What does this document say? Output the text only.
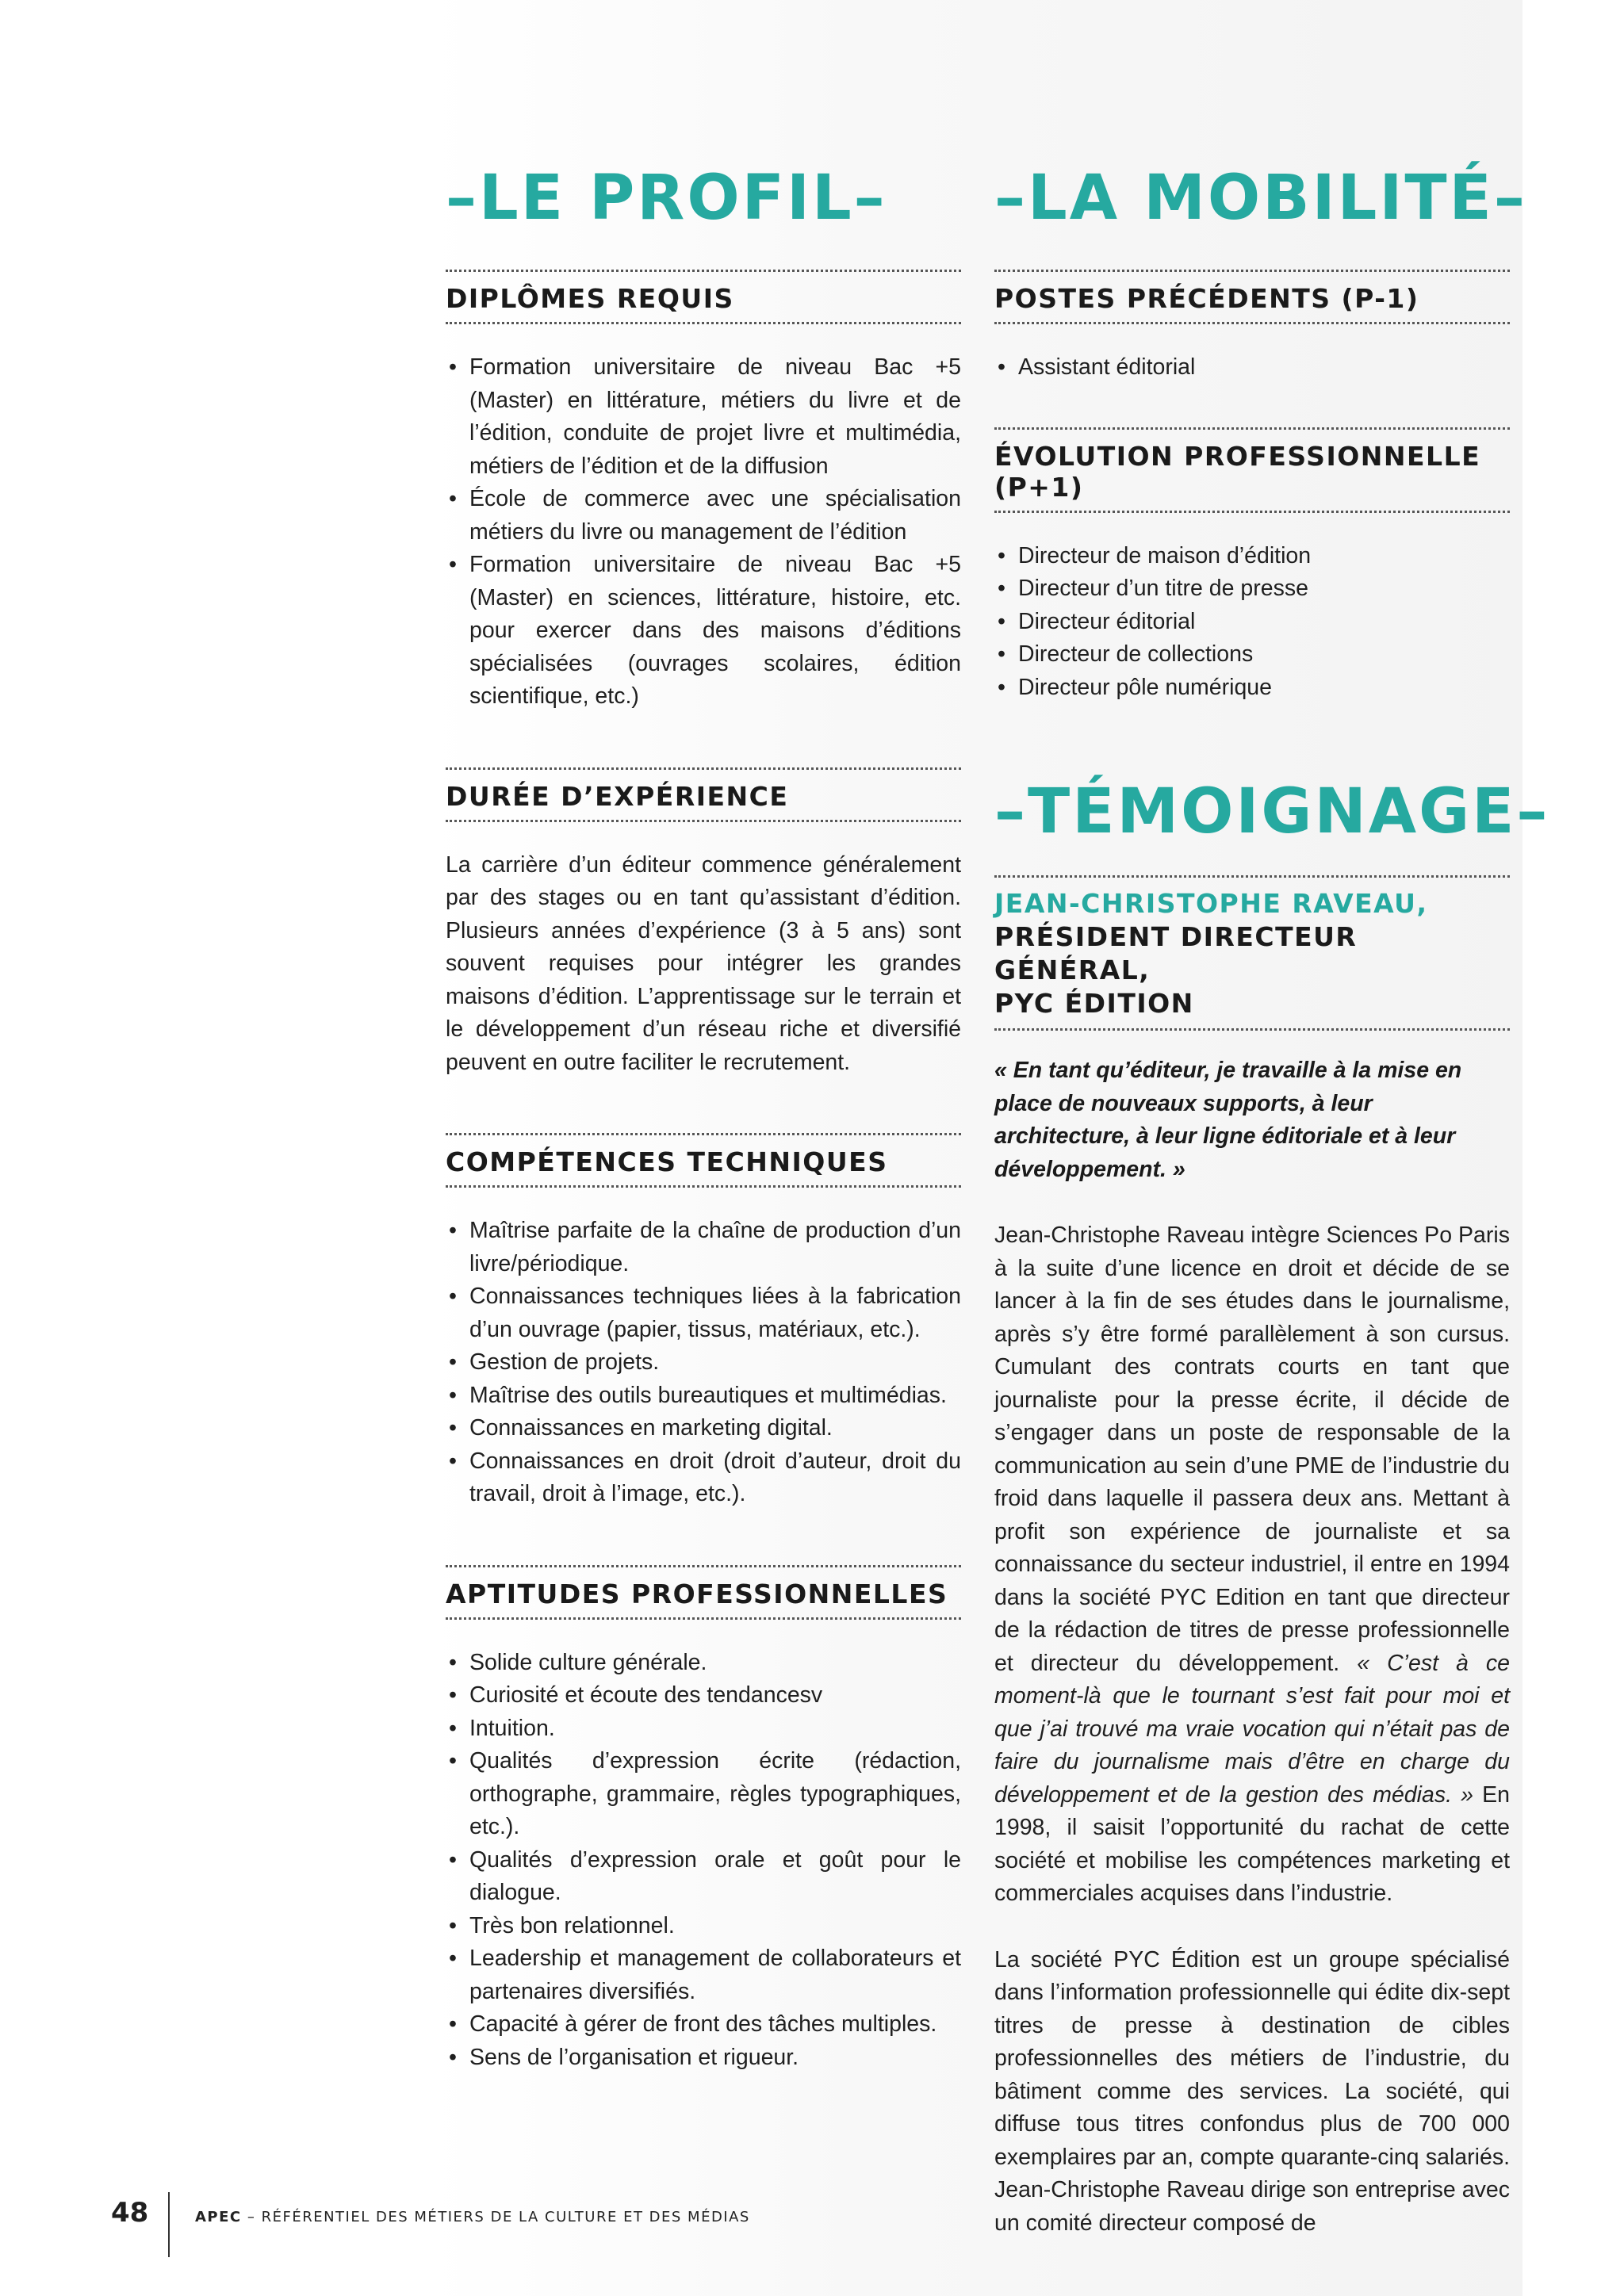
–LE PROFIL–
DIPLÔMES REQUIS
• Formation universitaire de niveau Bac +5 (Master) en littérature, métiers du livre et de l’édition, conduite de projet livre et multimédia, métiers de l’édition et de la diffusion
• École de commerce avec une spécialisation métiers du livre ou management de l’édition
• Formation universitaire de niveau Bac +5 (Master) en sciences, littérature, histoire, etc. pour exercer dans des maisons d’éditions spécialisées (ouvrages scolaires, édition scientifique, etc.)
DURÉE D’EXPÉRIENCE

La carrière d’un éditeur commence généralement par des stages ou en tant qu’assistant d’édition. Plusieurs années d’expérience (3 à 5 ans) sont souvent requises pour intégrer les grandes maisons d’édition. L’apprentissage sur le terrain et le développement d’un réseau riche et diversifié peuvent en outre faciliter le recrutement.

COMPÉTENCES TECHNIQUES
• Maîtrise parfaite de la chaîne de production d’un livre/périodique.
• Connaissances techniques liées à la fabrication d’un ouvrage (papier, tissus, matériaux, etc.).
• Gestion de projets.
• Maîtrise des outils bureautiques et multimédias.
• Connaissances en marketing digital.
• Connaissances en droit (droit d’auteur, droit du travail, droit à l’image, etc.).
APTITUDES PROFESSIONNELLES
• Solide culture générale.
• Curiosité et écoute des tendancesv
• Intuition.
• Qualités d’expression écrite (rédaction, orthographe, grammaire, règles typographiques, etc.).
• Qualités d’expression orale et goût pour le dialogue.
• Très bon relationnel.
• Leadership et management de collaborateurs et partenaires diversifiés.
• Capacité à gérer de front des tâches multiples.
• Sens de l’organisation et rigueur.
–LA MOBILITÉ–
POSTES PRÉCÉDENTS (P-1)
• Assistant éditorial
ÉVOLUTION PROFESSIONNELLE (P+1)
• Directeur de maison d’édition
• Directeur d’un titre de presse
• Directeur éditorial
• Directeur de collections
• Directeur pôle numérique
–TÉMOIGNAGE–
JEAN-CHRISTOPHE RAVEAU,
PRÉSIDENT DIRECTEUR GÉNÉRAL,
PYC ÉDITION

« En tant qu’éditeur, je travaille à la mise en place de nouveaux supports, à leur architecture, à leur ligne éditoriale et à leur développement. »

Jean-Christophe Raveau intègre Sciences Po Paris à la suite d’une licence en droit et décide de se lancer à la fin de ses études dans le journalisme, après s’y être formé parallèlement à son cursus. Cumulant des contrats courts en tant que journaliste pour la presse écrite, il décide de s’engager dans un poste de responsable de la communication au sein d’une PME de l’industrie du froid dans laquelle il passera deux ans. Mettant à profit son expérience de journaliste et sa connaissance du secteur industriel, il entre en 1994 dans la société PYC Edition en tant que directeur de la rédaction de titres de presse professionnelle et directeur du développement. « C’est à ce moment-là que le tournant s’est fait pour moi et que j’ai trouvé ma vraie vocation qui n’était pas de faire du journalisme mais d’être en charge du développement et de la gestion des médias. » En 1998, il saisit l’opportunité du rachat de cette société et mobilise les compétences marketing et commerciales acquises dans l’industrie.

La société PYC Édition est un groupe spécialisé dans l’information professionnelle qui édite dix-sept titres de presse à destination de cibles professionnelles des métiers de l’industrie, du bâtiment comme des services. La société, qui diffuse tous titres confondus plus de 700 000 exemplaires par an, compte quarante-cinq salariés. Jean-Christophe Raveau dirige son entreprise avec un comité directeur composé de

48	APEC – RÉFÉRENTIEL DES MÉTIERS DE LA CULTURE ET DES MÉDIAS
